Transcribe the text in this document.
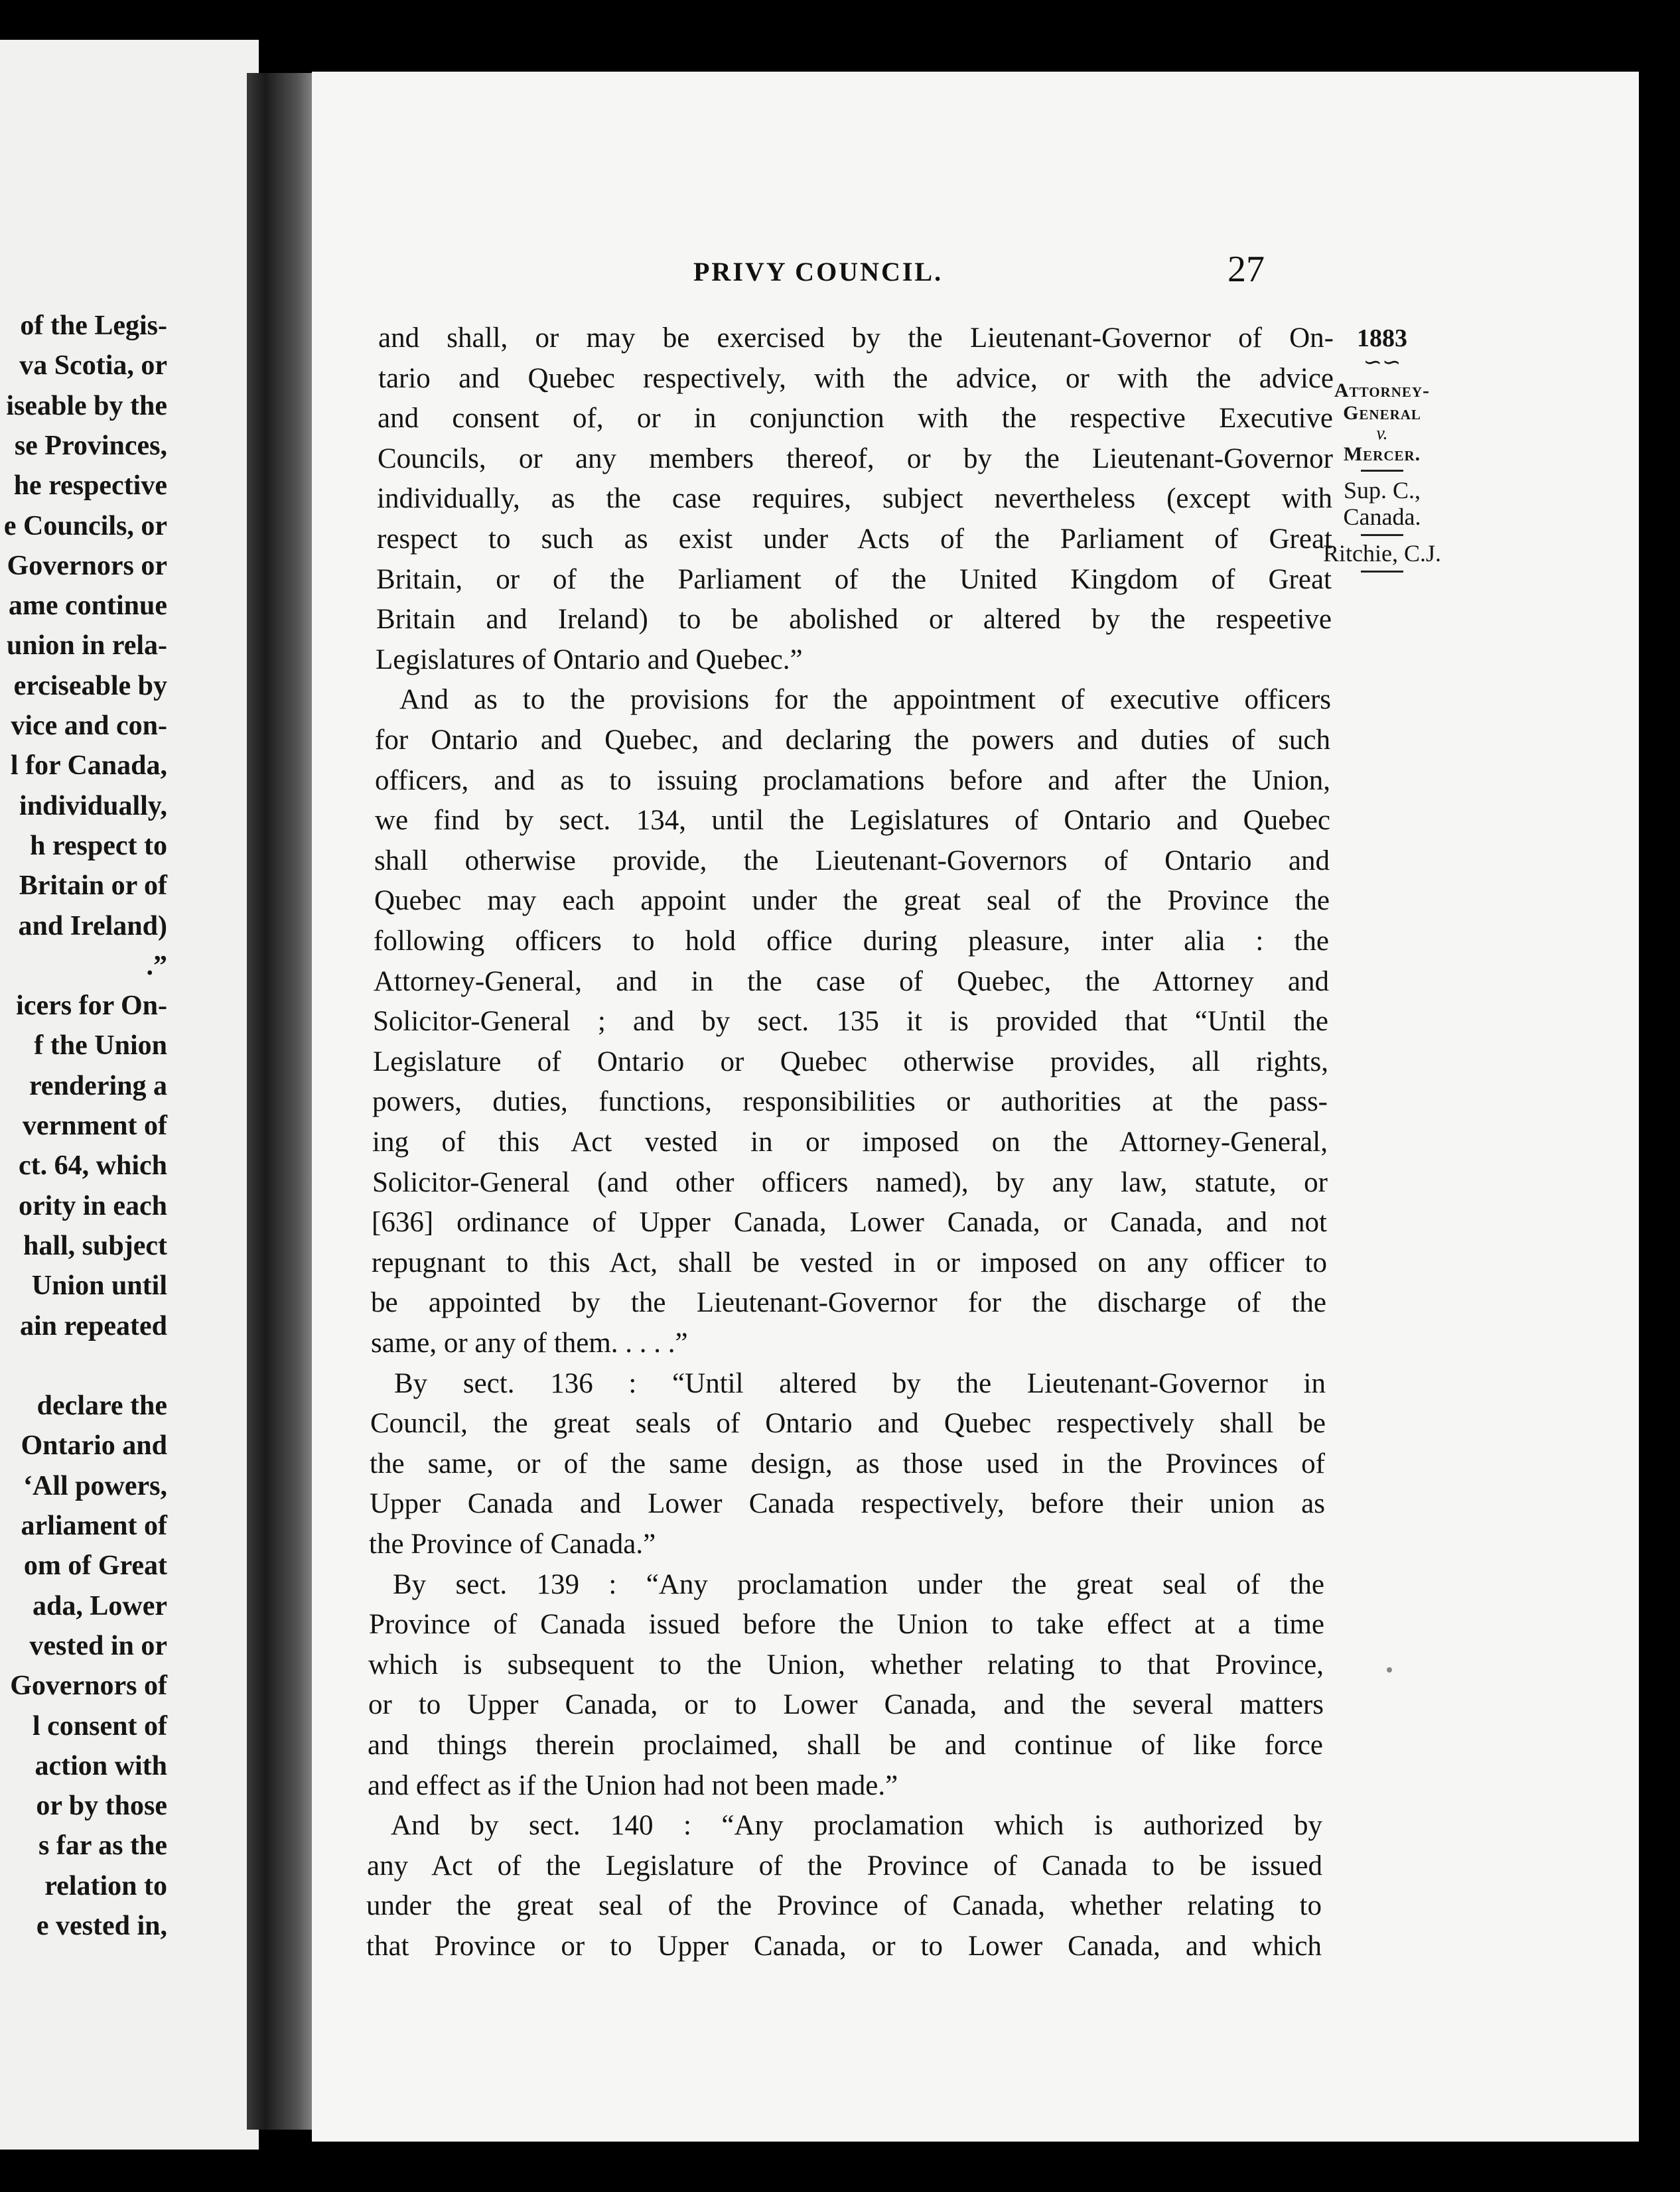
of the Legis-
va Scotia, or
iseable by the
se Provinces,
he respective
e Councils, or
Governors or
ame continue
union in rela-
erciseable by
vice and con-
l for Canada,
individually,
h respect to
Britain or of
and Ireland)
.”
icers for On-
f the Union
rendering a
vernment of
ct. 64, which
ority in each
hall, subject
Union until
ain repeated
declare the
Ontario and
‘All powers,
arliament of
om of Great
ada, Lower
vested in or
Governors of
l consent of
action with
or by those
s far as the
relation to
e vested in,
PRIVY COUNCIL.	27
and shall, or may be exercised by the Lieutenant-Governor of On-
tario and Quebec respectively, with the advice, or with the advice
and consent of, or in conjunction with the respective Executive
Councils, or any members thereof, or by the Lieutenant-Governor
individually, as the case requires, subject nevertheless (except with
respect to such as exist under Acts of the Parliament of Great
Britain, or of the Parliament of the United Kingdom of Great
Britain and Ireland) to be abolished or altered by the respeetive
Legislatures of Ontario and Quebec.”
And as to the provisions for the appointment of executive officers
for Ontario and Quebec, and declaring the powers and duties of such
officers, and as to issuing proclamations before and after the Union,
we find by sect. 134, until the Legislatures of Ontario and Quebec
shall otherwise provide, the Lieutenant-Governors of Ontario and
Quebec may each appoint under the great seal of the Province the
following officers to hold office during pleasure, inter alia : the
Attorney-General, and in the case of Quebec, the Attorney and
Solicitor-General ; and by sect. 135 it is provided that “Until the
Legislature of Ontario or Quebec otherwise provides, all rights,
powers, duties, functions, responsibilities or authorities at the pass-
ing of this Act vested in or imposed on the Attorney-General,
Solicitor-General (and other officers named), by any law, statute, or
[636] ordinance of Upper Canada, Lower Canada, or Canada, and not
repugnant to this Act, shall be vested in or imposed on any officer to
be appointed by the Lieutenant-Governor for the discharge of the
same, or any of them. . . . .”
By sect. 136 : “Until altered by the Lieutenant-Governor in
Council, the great seals of Ontario and Quebec respectively shall be
the same, or of the same design, as those used in the Provinces of
Upper Canada and Lower Canada respectively, before their union as
the Province of Canada.”
By sect. 139 : “Any proclamation under the great seal of the
Province of Canada issued before the Union to take effect at a time
which is subsequent to the Union, whether relating to that Province,
or to Upper Canada, or to Lower Canada, and the several matters
and things therein proclaimed, shall be and continue of like force
and effect as if the Union had not been made.”
And by sect. 140 : “Any proclamation which is authorized by
any Act of the Legislature of the Province of Canada to be issued
under the great seal of the Province of Canada, whether relating to
that Province or to Upper Canada, or to Lower Canada, and which
1883
∽∽
Attorney-
General
v.
Mercer.
Sup. C.,
Canada.
Ritchie, C.J.
